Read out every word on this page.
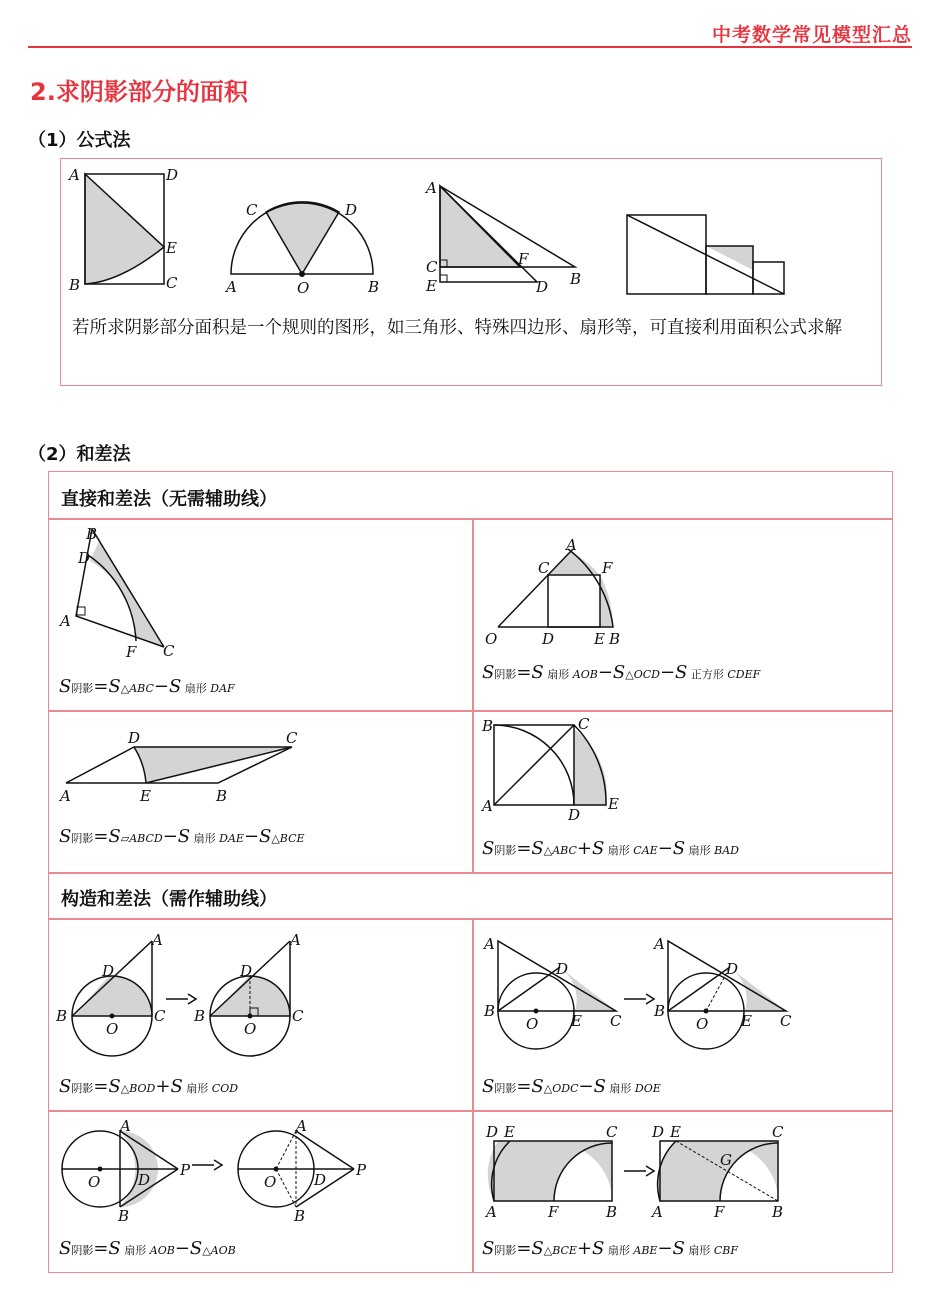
中考数学常见模型汇总
2.求阴影部分的面积
（1）公式法
A	D
E
B	C
C	D
A	O	B
A
C
E
F
B
D
若所求阴影部分面积是一个规则的图形，如三角形、特殊四边形、扇形等，可直接利用面积公式求解
（2）和差法
直接和差法（无需辅助线）
构造和差法（需作辅助线）
S阴影=S△ABC−S 扇形 DAF
S阴影=S 扇形 AOB−S△OCD−S 正方形 CDEF
S阴影=S▱ABCD−S 扇形 DAE−S△BCE	S阴影=S△ABC+S 扇形 CAE−S 扇形 BAD
S阴影=S△BOD+S 扇形 COD	S阴影=S△ODC−S 扇形 DOE
S阴影=S 扇形 AOB−S△AOB	S阴影=S△BCE+S 扇形 ABE−S 扇形 CBF
B
D
A
F C
O	D	E B
C
A
F
D	C
A	E	B
B	C
A	D
E
B
O
C
D
A
B
O
C
D
A	A
B
O E C
D
A
B
O E C
D
A
O	D
B
P
A
O	D
B
P
D E	C
A	F	B
D E	C
G
A	F	B
